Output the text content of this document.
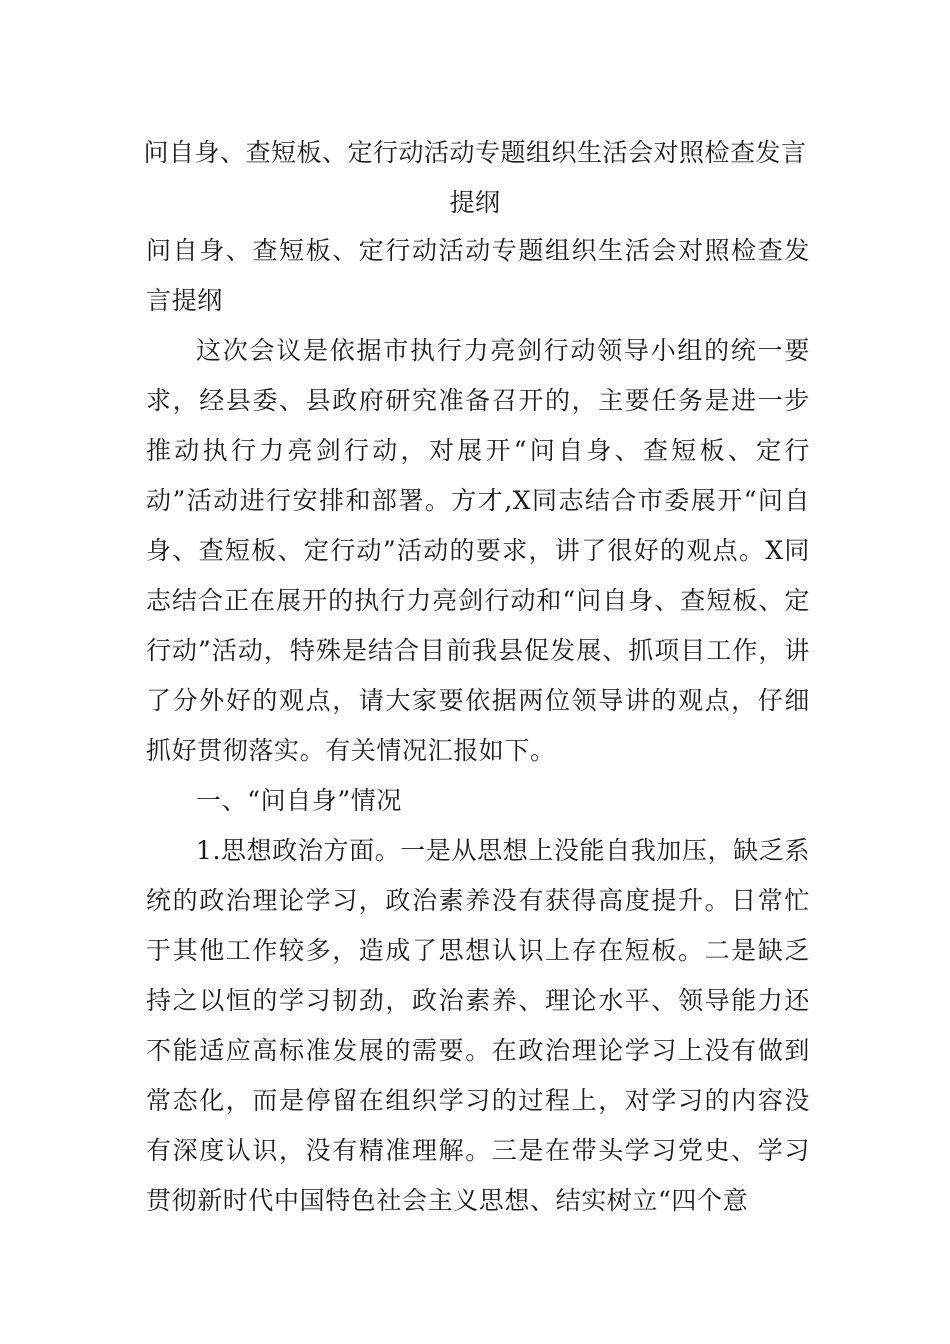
问自身、查短板、定行动活动专题组织生活会对照检查发言提纲

问自身、查短板、定行动活动专题组织生活会对照检查发言提纲

这次会议是依据市执行力亮剑行动领导小组的统一要求，经县委、县政府研究准备召开的，主要任务是进一步推动执行力亮剑行动，对展开“问自身、查短板、定行动”活动进行安排和部署。方才,X同志结合市委展开“问自身、查短板、定行动”活动的要求，讲了很好的观点。X同志结合正在展开的执行力亮剑行动和“问自身、查短板、定行动”活动，特殊是结合目前我县促发展、抓项目工作，讲了分外好的观点，请大家要依据两位领导讲的观点，仔细抓好贯彻落实。有关情况汇报如下。

一、“问自身”情况

1.思想政治方面。一是从思想上没能自我加压，缺乏系统的政治理论学习，政治素养没有获得高度提升。日常忙于其他工作较多，造成了思想认识上存在短板。二是缺乏持之以恒的学习韧劲，政治素养、理论水平、领导能力还不能适应高标准发展的需要。在政治理论学习上没有做到常态化，而是停留在组织学习的过程上，对学习的内容没有深度认识，没有精准理解。三是在带头学习党史、学习贯彻新时代中国特色社会主义思想、结实树立“四个意
